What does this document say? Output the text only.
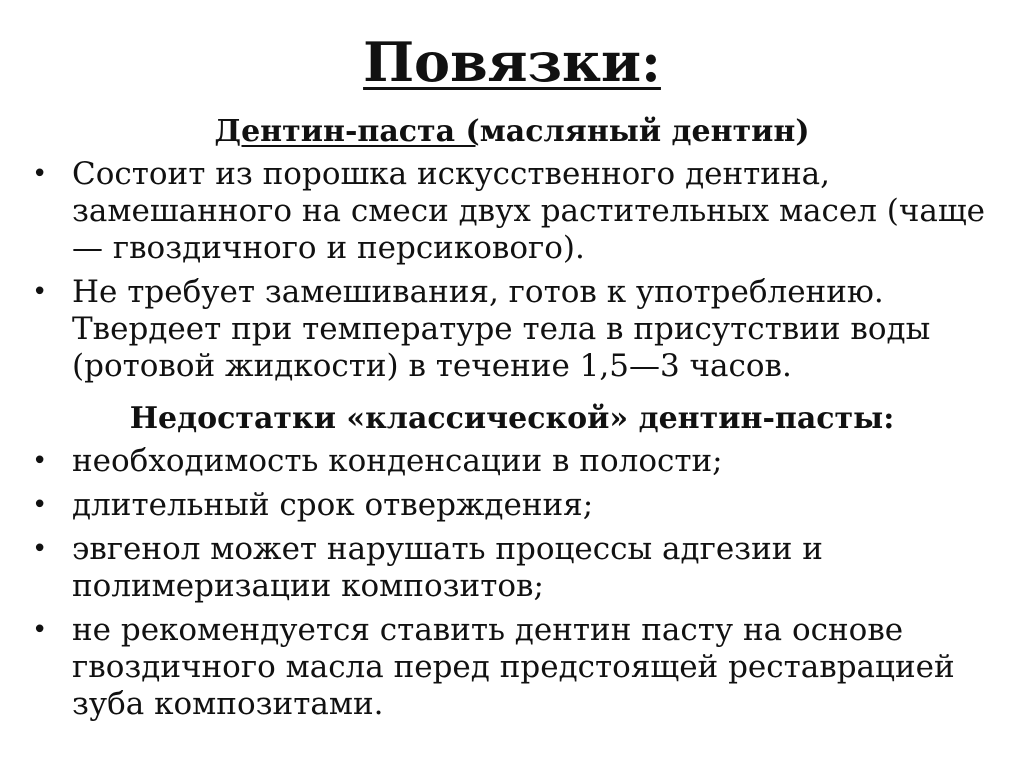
Повязки:
Дентин-паста (масляный дентин)
• Состоит из порошка искусственного дентина, замешанного на смеси двух растительных масел (чаще — гвоздичного и персикового).
• Не требует замешивания, готов к употреблению. Твердеет при температуре тела в присутствии воды (ротовой жидкости) в течение 1,5—3 часов.
Недостатки «классической» дентин-пасты:
• необходимость конденсации в полости;
• длительный срок отверждения;
• эвгенол может нарушать процессы адгезии и полимеризации композитов;
• не рекомендуется ставить дентин пасту на основе гвоздичного масла перед предстоящей реставрацией зуба композитами.
